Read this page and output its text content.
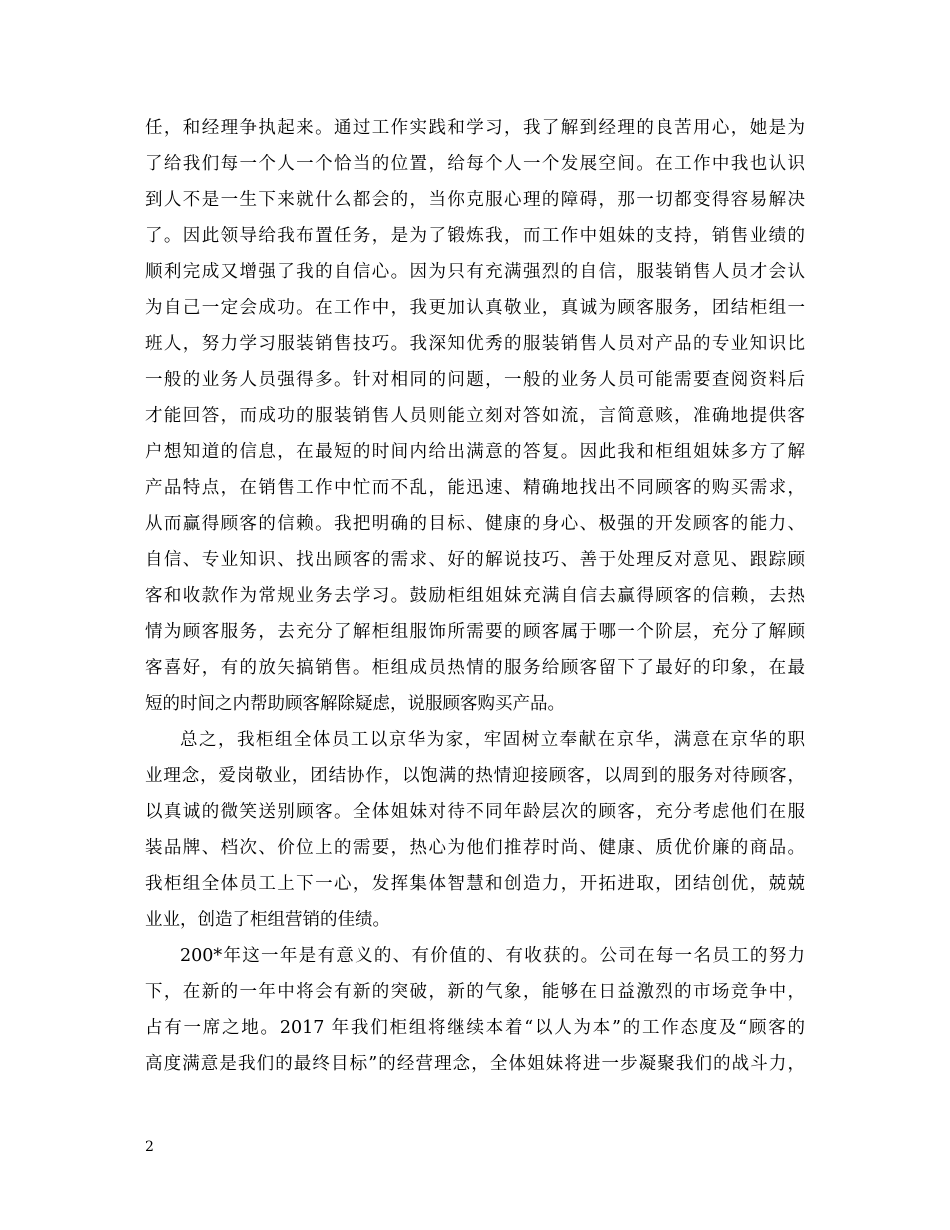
任，和经理争执起来。通过工作实践和学习，我了解到经理的良苦用心，她是为
了给我们每一个人一个恰当的位置，给每个人一个发展空间。在工作中我也认识
到人不是一生下来就什么都会的，当你克服心理的障碍，那一切都变得容易解决
了。因此领导给我布置任务，是为了锻炼我，而工作中姐妹的支持，销售业绩的
顺利完成又增强了我的自信心。因为只有充满强烈的自信，服装销售人员才会认
为自己一定会成功。在工作中，我更加认真敬业，真诚为顾客服务，团结柜组一
班人，努力学习服装销售技巧。我深知优秀的服装销售人员对产品的专业知识比
一般的业务人员强得多。针对相同的问题，一般的业务人员可能需要查阅资料后
才能回答，而成功的服装销售人员则能立刻对答如流，言简意赅，准确地提供客
户想知道的信息，在最短的时间内给出满意的答复。因此我和柜组姐妹多方了解
产品特点，在销售工作中忙而不乱，能迅速、精确地找出不同顾客的购买需求，
从而赢得顾客的信赖。我把明确的目标、健康的身心、极强的开发顾客的能力、
自信、专业知识、找出顾客的需求、好的解说技巧、善于处理反对意见、跟踪顾
客和收款作为常规业务去学习。鼓励柜组姐妹充满自信去赢得顾客的信赖，去热
情为顾客服务，去充分了解柜组服饰所需要的顾客属于哪一个阶层，充分了解顾
客喜好，有的放矢搞销售。柜组成员热情的服务给顾客留下了最好的印象，在最
短的时间之内帮助顾客解除疑虑，说服顾客购买产品。
总之，我柜组全体员工以京华为家，牢固树立奉献在京华，满意在京华的职
业理念，爱岗敬业，团结协作，以饱满的热情迎接顾客，以周到的服务对待顾客，
以真诚的微笑送别顾客。全体姐妹对待不同年龄层次的顾客，充分考虑他们在服
装品牌、档次、价位上的需要，热心为他们推荐时尚、健康、质优价廉的商品。
我柜组全体员工上下一心，发挥集体智慧和创造力，开拓进取，团结创优，兢兢
业业，创造了柜组营销的佳绩。
200*年这一年是有意义的、有价值的、有收获的。公司在每一名员工的努力
下，在新的一年中将会有新的突破，新的气象，能够在日益激烈的市场竞争中，
占有一席之地。2017 年我们柜组将继续本着“以人为本”的工作态度及“顾客的
高度满意是我们的最终目标”的经营理念，全体姐妹将进一步凝聚我们的战斗力，
2
